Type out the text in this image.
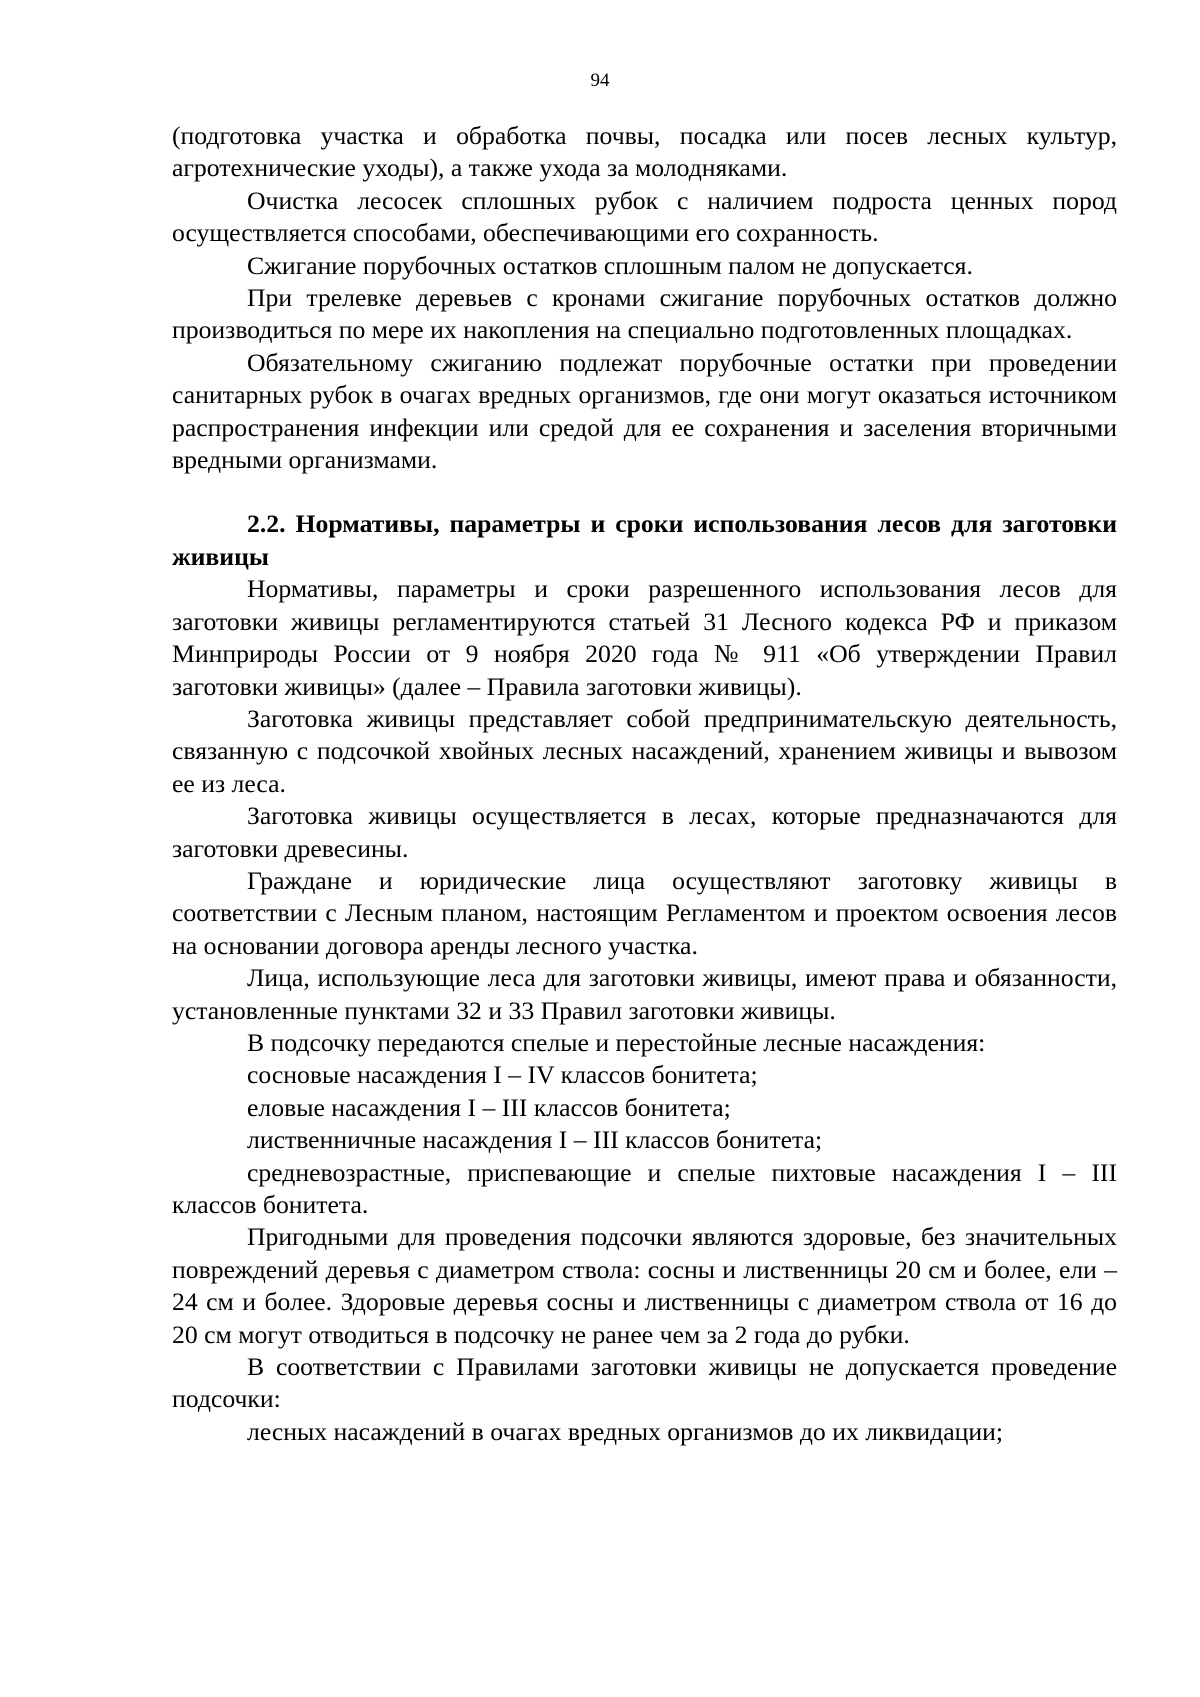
94

(подготовка участка и обработка почвы, посадка или посев лесных культур, агротехнические уходы), а также ухода за молодняками.

Очистка лесосек сплошных рубок с наличием подроста ценных пород осуществляется способами, обеспечивающими его сохранность.

Сжигание порубочных остатков сплошным палом не допускается.

При трелевке деревьев с кронами сжигание порубочных остатков должно производиться по мере их накопления на специально подготовленных площадках.

Обязательному сжиганию подлежат порубочные остатки при проведении санитарных рубок в очагах вредных организмов, где они могут оказаться источником распространения инфекции или средой для ее сохранения и заселения вторичными вредными организмами.

2.2. Нормативы, параметры и сроки использования лесов для заготовки живицы

Нормативы, параметры и сроки разрешенного использования лесов для заготовки живицы регламентируются статьей 31 Лесного кодекса РФ и приказом Минприроды России от 9 ноября 2020 года № 911 «Об утверждении Правил заготовки живицы» (далее – Правила заготовки живицы).

Заготовка живицы представляет собой предпринимательскую деятельность, связанную с подсочкой хвойных лесных насаждений, хранением живицы и вывозом ее из леса.

Заготовка живицы осуществляется в лесах, которые предназначаются для заготовки древесины.

Граждане и юридические лица осуществляют заготовку живицы в соответствии с Лесным планом, настоящим Регламентом и проектом освоения лесов на основании договора аренды лесного участка.

Лица, использующие леса для заготовки живицы, имеют права и обязанности, установленные пунктами 32 и 33 Правил заготовки живицы.

В подсочку передаются спелые и перестойные лесные насаждения:

сосновые насаждения I – IV классов бонитета;

еловые насаждения I – III классов бонитета;

лиственничные насаждения I – III классов бонитета;

средневозрастные, приспевающие и спелые пихтовые насаждения I – III классов бонитета.

Пригодными для проведения подсочки являются здоровые, без значительных повреждений деревья с диаметром ствола: сосны и лиственницы 20 см и более, ели – 24 см и более. Здоровые деревья сосны и лиственницы с диаметром ствола от 16 до 20 см могут отводиться в подсочку не ранее чем за 2 года до рубки.

В соответствии с Правилами заготовки живицы не допускается проведение подсочки:

лесных насаждений в очагах вредных организмов до их ликвидации;
